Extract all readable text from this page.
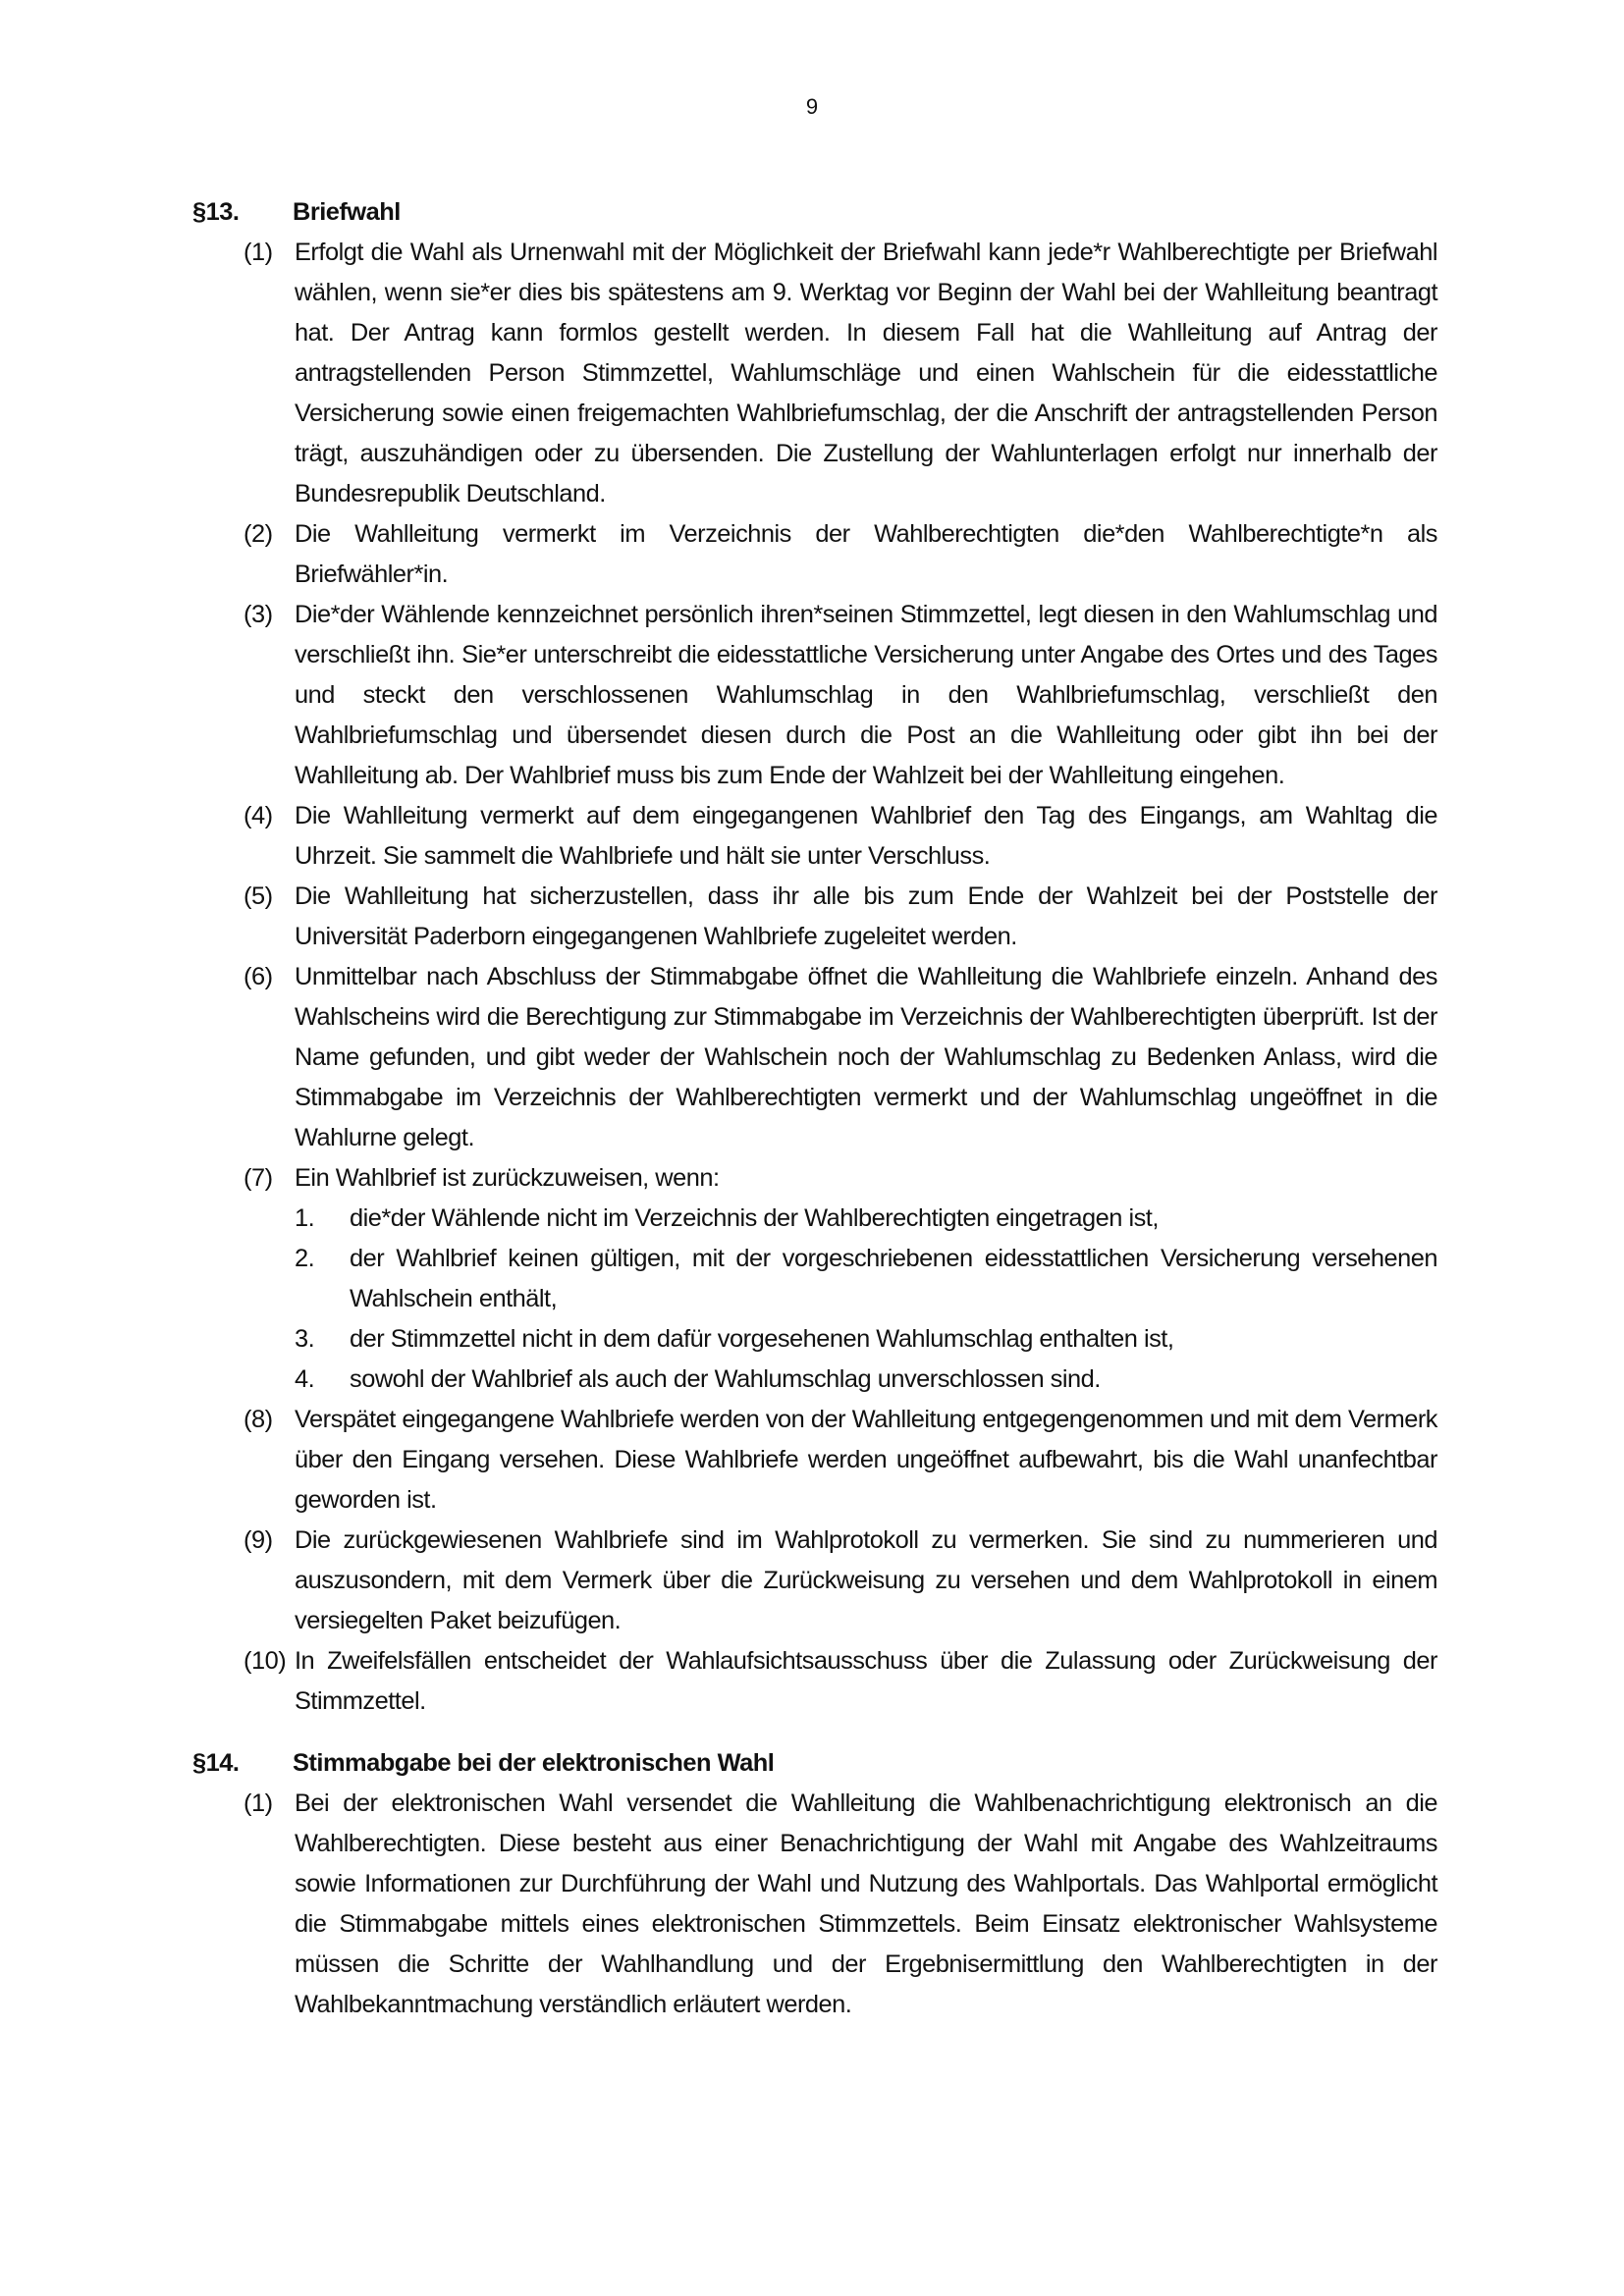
9
§13.	Briefwahl
(1) Erfolgt die Wahl als Urnenwahl mit der Möglichkeit der Briefwahl kann jede*r Wahlberechtigte per Briefwahl wählen, wenn sie*er dies bis spätestens am 9. Werktag vor Beginn der Wahl bei der Wahlleitung beantragt hat. Der Antrag kann formlos gestellt werden. In diesem Fall hat die Wahlleitung auf Antrag der antragstellenden Person Stimmzettel, Wahlumschläge und einen Wahlschein für die eidesstattliche Versicherung sowie einen freigemachten Wahlbriefumschlag, der die Anschrift der antragstellenden Person trägt, auszuhändigen oder zu übersenden. Die Zustellung der Wahlunterlagen erfolgt nur innerhalb der Bundesrepublik Deutschland.
(2) Die Wahlleitung vermerkt im Verzeichnis der Wahlberechtigten die*den Wahlberechtigte*n als Briefwähler*in.
(3) Die*der Wählende kennzeichnet persönlich ihren*seinen Stimmzettel, legt diesen in den Wahlumschlag und verschließt ihn. Sie*er unterschreibt die eidesstattliche Versicherung unter Angabe des Ortes und des Tages und steckt den verschlossenen Wahlumschlag in den Wahlbriefumschlag, verschließt den Wahlbriefumschlag und übersendet diesen durch die Post an die Wahlleitung oder gibt ihn bei der Wahlleitung ab. Der Wahlbrief muss bis zum Ende der Wahlzeit bei der Wahlleitung eingehen.
(4) Die Wahlleitung vermerkt auf dem eingegangenen Wahlbrief den Tag des Eingangs, am Wahltag die Uhrzeit. Sie sammelt die Wahlbriefe und hält sie unter Verschluss.
(5) Die Wahlleitung hat sicherzustellen, dass ihr alle bis zum Ende der Wahlzeit bei der Poststelle der Universität Paderborn eingegangenen Wahlbriefe zugeleitet werden.
(6) Unmittelbar nach Abschluss der Stimmabgabe öffnet die Wahlleitung die Wahlbriefe einzeln. Anhand des Wahlscheins wird die Berechtigung zur Stimmabgabe im Verzeichnis der Wahlberechtigten überprüft. Ist der Name gefunden, und gibt weder der Wahlschein noch der Wahlumschlag zu Bedenken Anlass, wird die Stimmabgabe im Verzeichnis der Wahlberechtigten vermerkt und der Wahlumschlag ungeöffnet in die Wahlurne gelegt.
(7) Ein Wahlbrief ist zurückzuweisen, wenn:
1.	die*der Wählende nicht im Verzeichnis der Wahlberechtigten eingetragen ist,
2.	der Wahlbrief keinen gültigen, mit der vorgeschriebenen eidesstattlichen Versicherung versehenen Wahlschein enthält,
3.	der Stimmzettel nicht in dem dafür vorgesehenen Wahlumschlag enthalten ist,
4.	sowohl der Wahlbrief als auch der Wahlumschlag unverschlossen sind.
(8) Verspätet eingegangene Wahlbriefe werden von der Wahlleitung entgegengenommen und mit dem Vermerk über den Eingang versehen. Diese Wahlbriefe werden ungeöffnet aufbewahrt, bis die Wahl unanfechtbar geworden ist.
(9) Die zurückgewiesenen Wahlbriefe sind im Wahlprotokoll zu vermerken. Sie sind zu nummerieren und auszusondern, mit dem Vermerk über die Zurückweisung zu versehen und dem Wahlprotokoll in einem versiegelten Paket beizufügen.
(10) In Zweifelsfällen entscheidet der Wahlaufsichtsausschuss über die Zulassung oder Zurückweisung der Stimmzettel.
§14.	Stimmabgabe bei der elektronischen Wahl
(1) Bei der elektronischen Wahl versendet die Wahlleitung die Wahlbenachrichtigung elektronisch an die Wahlberechtigten. Diese besteht aus einer Benachrichtigung der Wahl mit Angabe des Wahlzeitraums sowie Informationen zur Durchführung der Wahl und Nutzung des Wahlportals. Das Wahlportal ermöglicht die Stimmabgabe mittels eines elektronischen Stimmzettels. Beim Einsatz elektronischer Wahlsysteme müssen die Schritte der Wahlhandlung und der Ergebnisermittlung den Wahlberechtigten in der Wahlbekanntmachung verständlich erläutert werden.
